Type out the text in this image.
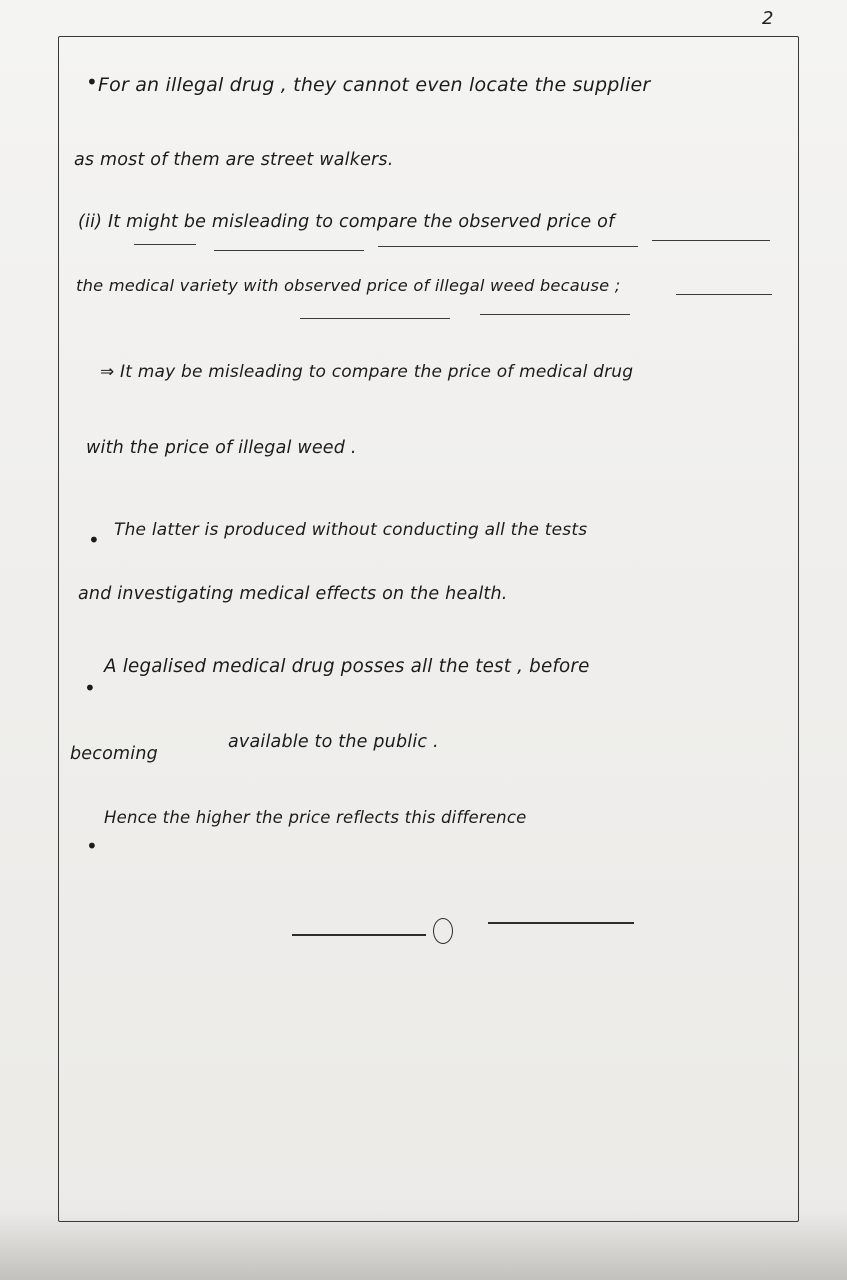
2
• For an illegal drug , they cannot even locate the supplier
as most of them are street walkers.
(ii) It might be misleading to compare the observed price of
the medical variety with observed price of illegal weed because ;
⇒ It may be misleading to compare the price of medical drug
with the price of illegal weed .
• The latter is produced without conducting all the tests
and investigating medical effects on the health.
•
A legalised medical drug posses all the test , before
becoming
available to the public .
•
Hence the higher the price reflects this difference
